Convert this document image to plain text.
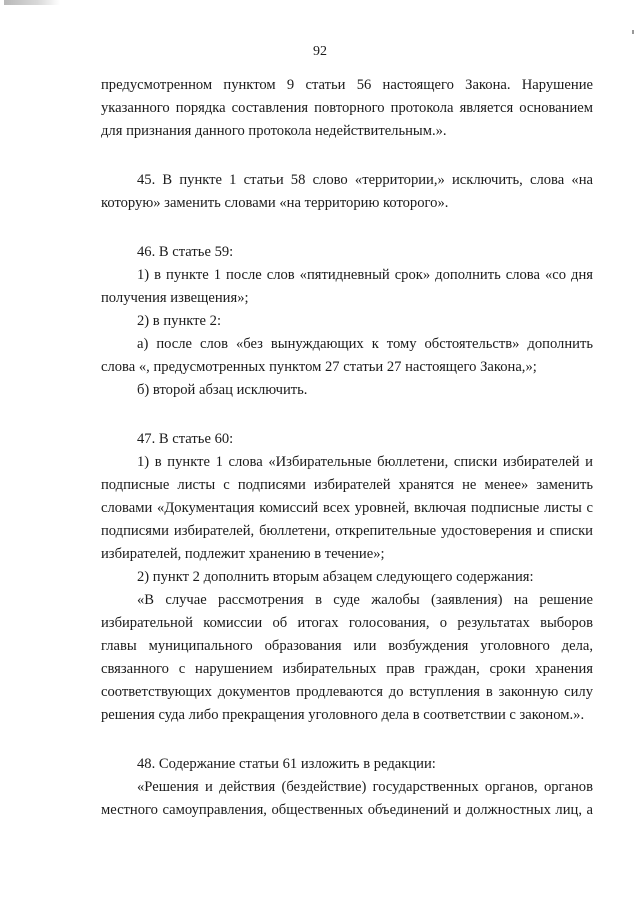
92
предусмотренном пунктом 9 статьи 56 настоящего Закона. Нарушение
указанного порядка составления повторного протокола является основанием
для признания данного протокола недействительным.».
45. В пункте 1 статьи 58 слово «территории,» исключить, слова «на
которую» заменить словами «на территорию которого».
46. В статье 59:
1) в пункте 1 после слов «пятидневный срок» дополнить слова «со дня
получения извещения»;
2) в пункте 2:
а) после слов «без вынуждающих к тому обстоятельств» дополнить
слова «, предусмотренных пунктом 27 статьи 27 настоящего Закона,»;
б) второй абзац исключить.
47. В статье 60:
1) в пункте 1 слова «Избирательные бюллетени, списки избирателей и
подписные листы с подписями избирателей хранятся не менее» заменить
словами «Документация комиссий всех уровней, включая подписные листы с
подписями избирателей, бюллетени, открепительные удостоверения и списки
избирателей, подлежит хранению в течение»;
2) пункт 2 дополнить вторым абзацем следующего содержания:
«В случае рассмотрения в суде жалобы (заявления) на решение
избирательной комиссии об итогах голосования, о результатах выборов
главы муниципального образования или возбуждения уголовного дела,
связанного с нарушением избирательных прав граждан, сроки хранения
соответствующих документов продлеваются до вступления в законную силу
решения суда либо прекращения уголовного дела в соответствии с законом.».
48. Содержание статьи 61 изложить в редакции:
«Решения и действия (бездействие) государственных органов, органов
местного самоуправления, общественных объединений и должностных лиц, а
